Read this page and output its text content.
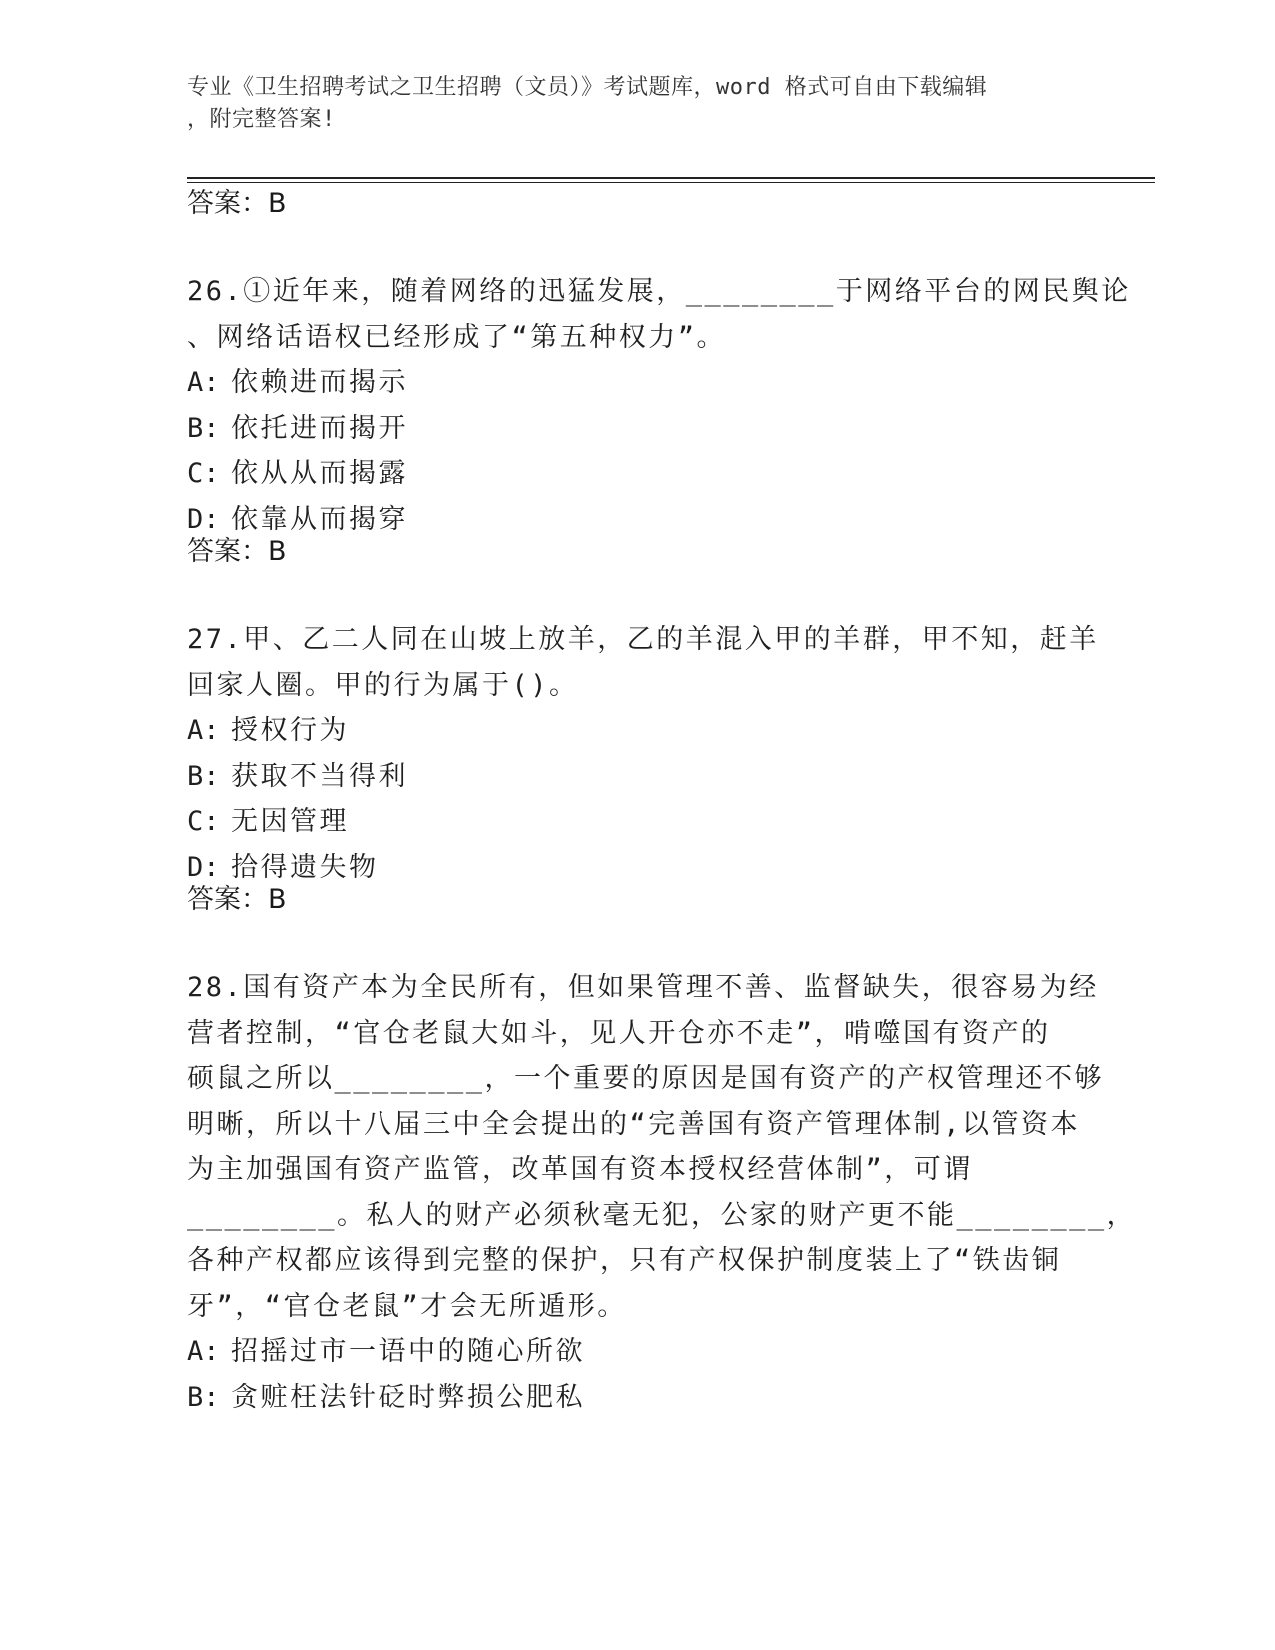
专业《卫生招聘考试之卫生招聘（文员）》考试题库，word 格式可自由下载编辑
，附完整答案!
答案：B
26.①近年来，随着网络的迅猛发展，________于网络平台的网民舆论
、网络话语权已经形成了“第五种权力”。
A: 依赖进而揭示
B: 依托进而揭开
C: 依从从而揭露
D: 依靠从而揭穿
答案：B
27.甲、乙二人同在山坡上放羊，乙的羊混入甲的羊群，甲不知，赶羊
回家人圈。甲的行为属于()。
A: 授权行为
B: 获取不当得利
C: 无因管理
D: 拾得遗失物
答案：B
28.国有资产本为全民所有，但如果管理不善、监督缺失，很容易为经
营者控制，“官仓老鼠大如斗，见人开仓亦不走”，啃噬国有资产的
硕鼠之所以________，一个重要的原因是国有资产的产权管理还不够
明晰，所以十八届三中全会提出的“完善国有资产管理体制,以管资本
为主加强国有资产监管，改革国有资本授权经营体制”，可谓
________。私人的财产必须秋毫无犯，公家的财产更不能________，
各种产权都应该得到完整的保护，只有产权保护制度装上了“铁齿铜
牙”，“官仓老鼠”才会无所遁形。
A: 招摇过市一语中的随心所欲
B: 贪赃枉法针砭时弊损公肥私
